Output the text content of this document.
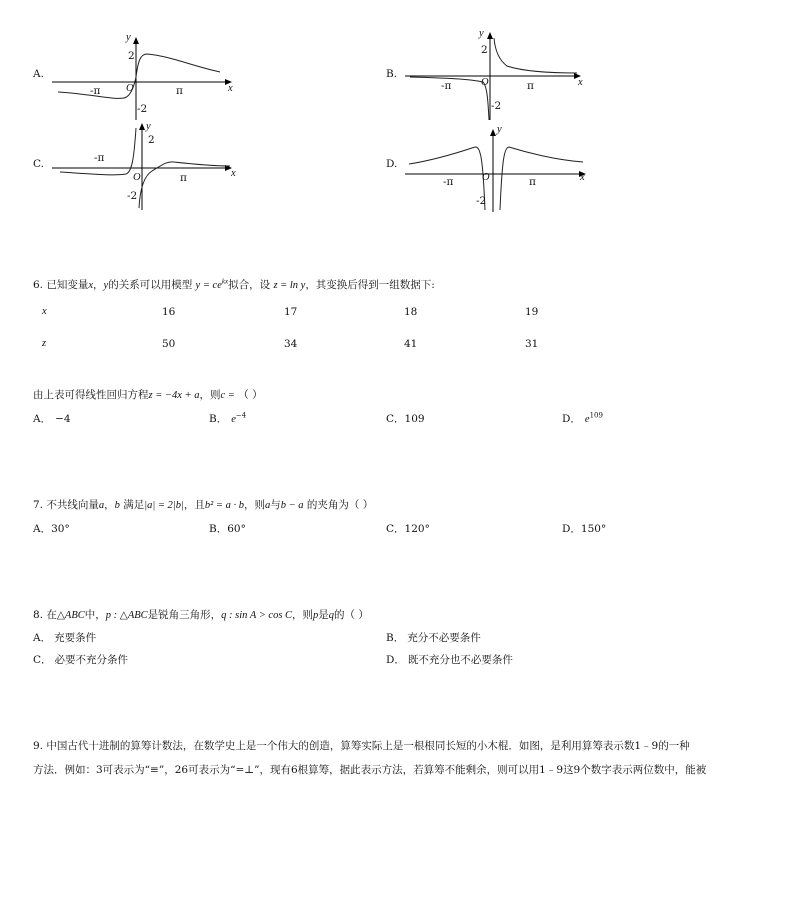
A.
y
2
-π O	π	x
-2
B.
y
2
O
-π	π	x
-2
C.
y
2
-π
O	π	x
-2
D.
y
O
-π	π	x
-2
6. 已知变量x，y的关系可以用模型 $y = ce^{kx}$拟合，设 z = ln y，其变换后得到一组数据下:
x	16	17	18	19
z	50	34	41	31
由上表可得线性回归方程z = −4x + a，则c = （ ）
A． −4	B． $e^{-4}$	C．109	D． $e^{109}$
7. 不共线向量a，b 满足|a| = 2|b|，且b² = a · b，则a与b − a 的夹角为（ ）
A．30°	B．60°	C．120°	D．150°
8. 在△ABC中，p : △ABC是锐角三角形，q : sin A > cos C，则p是q的（ ）
A． 充要条件	B． 充分不必要条件
C． 必要不充分条件	D． 既不充分也不必要条件
9. 中国古代十进制的算筹计数法，在数学史上是一个伟大的创造，算筹实际上是一根根同长短的小木棍．如图，是利用算筹表示数1﹣9的一种
方法．例如：3可表示为“≡”，26可表示为“=⊥”，现有6根算筹，据此表示方法，若算筹不能剩余，则可以用1﹣9这9个数字表示两位数中，能被
